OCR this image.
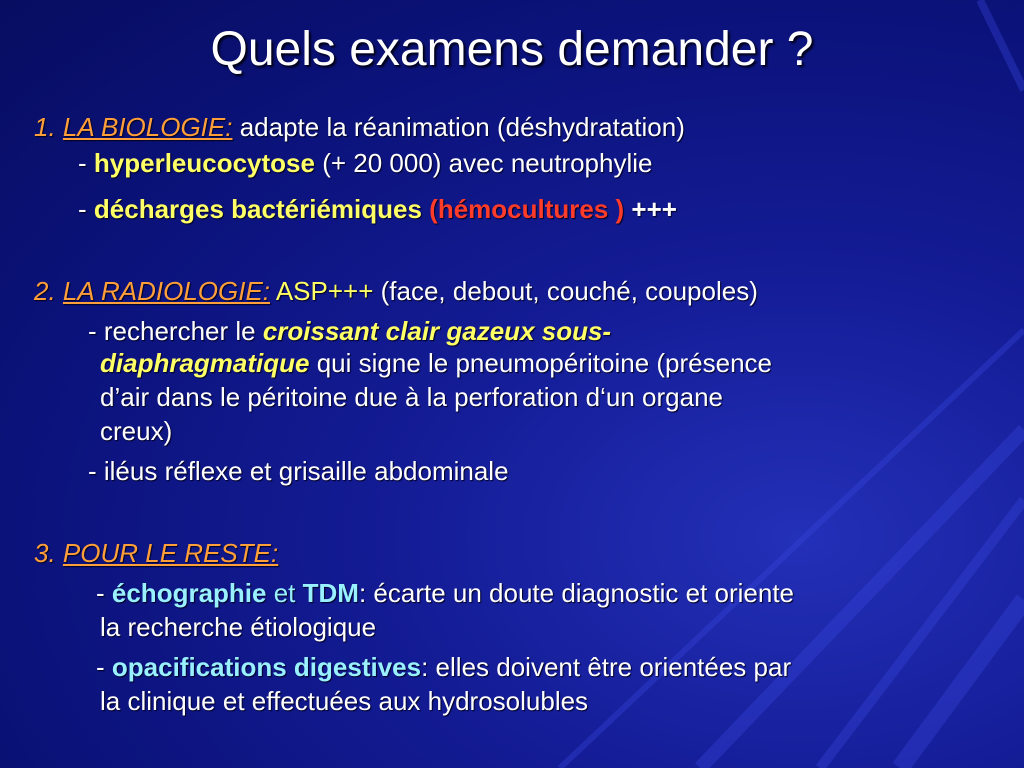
Quels examens demander ?
1. LA BIOLOGIE: adapte la réanimation (déshydratation)
- hyperleucocytose (+ 20 000) avec neutrophylie
- décharges bactériémiques (hémocultures ) +++
2. LA RADIOLOGIE: ASP+++ (face, debout, couché, coupoles)
- rechercher le croissant clair gazeux sous-
diaphragmatique qui signe le pneumopéritoine (présence
d’air dans le péritoine due à la perforation d‘un organe
creux)
- iléus réflexe et grisaille abdominale
3. POUR LE RESTE:
- échographie et TDM: écarte un doute diagnostic et oriente
la recherche étiologique
- opacifications digestives: elles doivent être orientées par
la clinique et effectuées aux hydrosolubles
